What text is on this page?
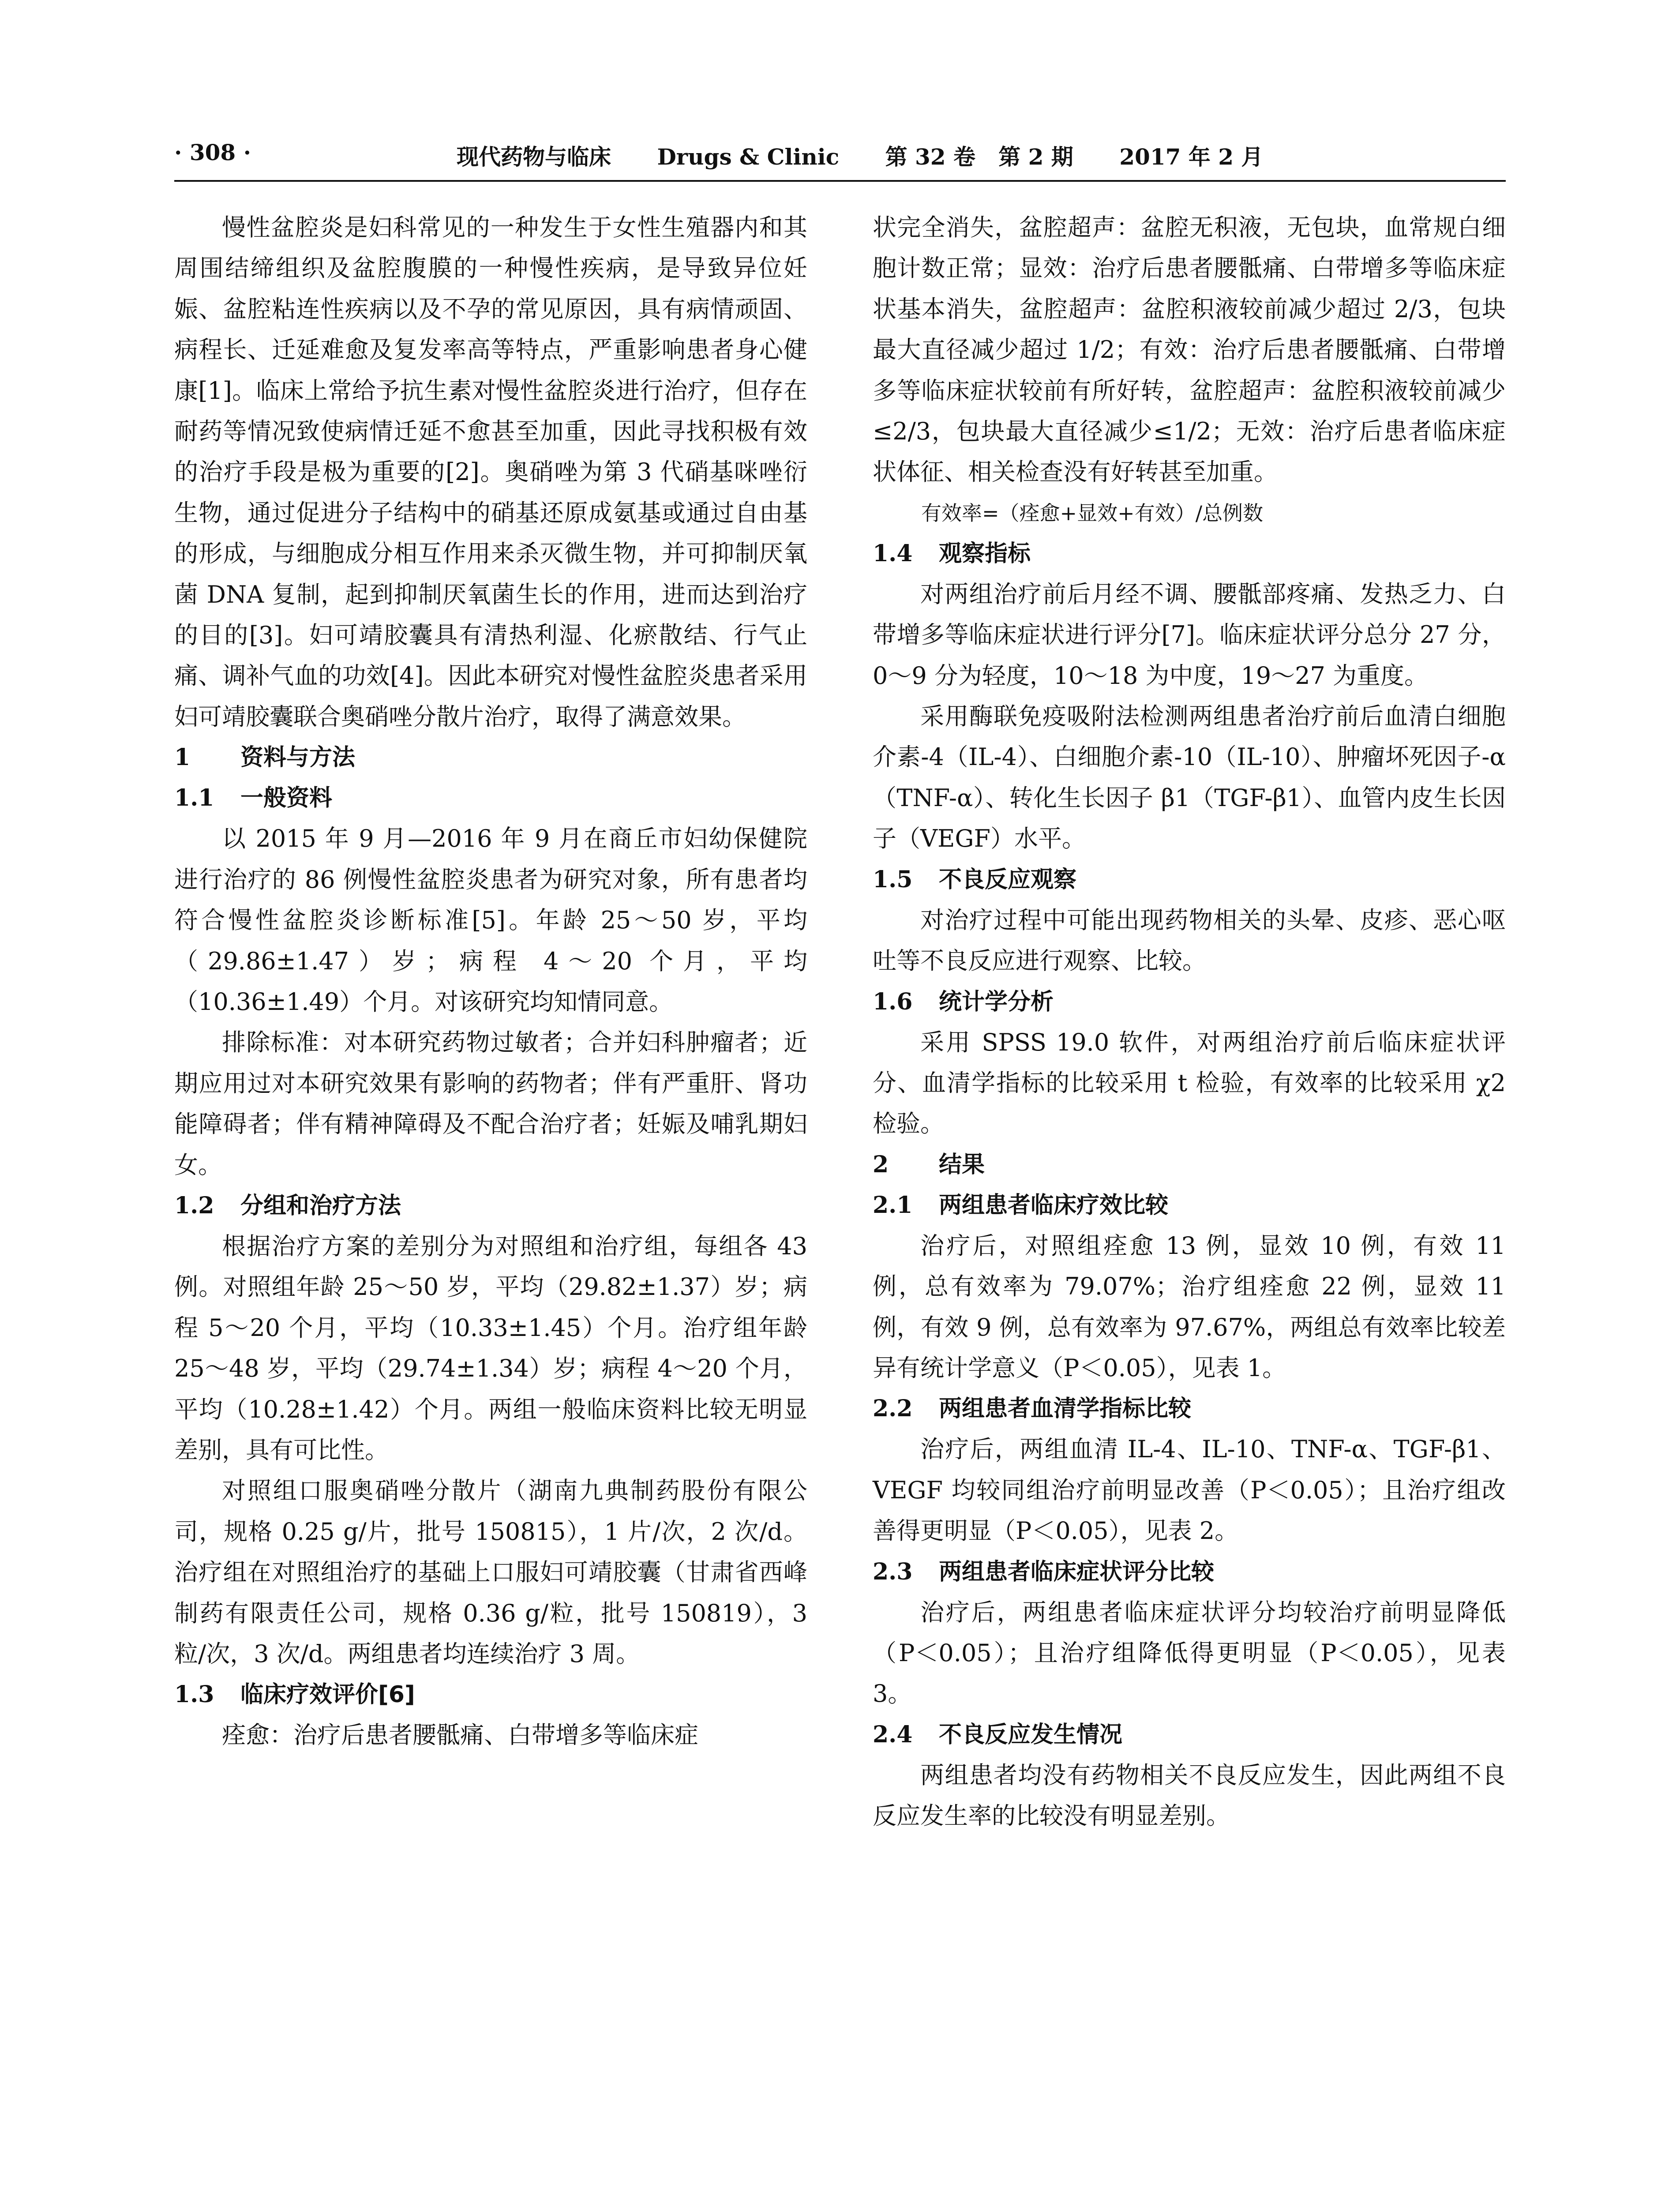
· 308 ·	现代药物与临床      Drugs & Clinic      第 32 卷   第 2 期      2017 年 2 月

慢性盆腔炎是妇科常见的一种发生于女性生殖器内和其周围结缔组织及盆腔腹膜的一种慢性疾病，是导致异位妊娠、盆腔粘连性疾病以及不孕的常见原因，具有病情顽固、病程长、迁延难愈及复发率高等特点，严重影响患者身心健康[1]。临床上常给予抗生素对慢性盆腔炎进行治疗，但存在耐药等情况致使病情迁延不愈甚至加重，因此寻找积极有效的治疗手段是极为重要的[2]。奥硝唑为第 3 代硝基咪唑衍生物，通过促进分子结构中的硝基还原成氨基或通过自由基的形成，与细胞成分相互作用来杀灭微生物，并可抑制厌氧菌 DNA 复制，起到抑制厌氧菌生长的作用，进而达到治疗的目的[3]。妇可靖胶囊具有清热利湿、化瘀散结、行气止痛、调补气血的功效[4]。因此本研究对慢性盆腔炎患者采用妇可靖胶囊联合奥硝唑分散片治疗，取得了满意效果。

1 资料与方法
1.1 一般资料

以 2015 年 9 月—2016 年 9 月在商丘市妇幼保健院进行治疗的 86 例慢性盆腔炎患者为研究对象，所有患者均符合慢性盆腔炎诊断标准[5]。年龄 25～50 岁，平均（29.86±1.47）岁；病程 4～20 个月，平均（10.36±1.49）个月。对该研究均知情同意。

排除标准：对本研究药物过敏者；合并妇科肿瘤者；近期应用过对本研究效果有影响的药物者；伴有严重肝、肾功能障碍者；伴有精神障碍及不配合治疗者；妊娠及哺乳期妇女。

1.2 分组和治疗方法

根据治疗方案的差别分为对照组和治疗组，每组各 43 例。对照组年龄 25～50 岁，平均（29.82±1.37）岁；病程 5～20 个月，平均（10.33±1.45）个月。治疗组年龄 25～48 岁，平均（29.74±1.34）岁；病程 4～20 个月，平均（10.28±1.42）个月。两组一般临床资料比较无明显差别，具有可比性。

对照组口服奥硝唑分散片（湖南九典制药股份有限公司，规格 0.25 g/片，批号 150815），1 片/次，2 次/d。治疗组在对照组治疗的基础上口服妇可靖胶囊（甘肃省西峰制药有限责任公司，规格 0.36 g/粒，批号 150819），3 粒/次，3 次/d。两组患者均连续治疗 3 周。

1.3 临床疗效评价[6]

痊愈：治疗后患者腰骶痛、白带增多等临床症

状完全消失，盆腔超声：盆腔无积液，无包块，血常规白细胞计数正常；显效：治疗后患者腰骶痛、白带增多等临床症状基本消失，盆腔超声：盆腔积液较前减少超过 2/3，包块最大直径减少超过 1/2；有效：治疗后患者腰骶痛、白带增多等临床症状较前有所好转，盆腔超声：盆腔积液较前减少≤2/3，包块最大直径减少≤1/2；无效：治疗后患者临床症状体征、相关检查没有好转甚至加重。

有效率=（痊愈+显效+有效）/总例数

1.4 观察指标

对两组治疗前后月经不调、腰骶部疼痛、发热乏力、白带增多等临床症状进行评分[7]。临床症状评分总分 27 分，0～9 分为轻度，10～18 为中度，19～27 为重度。

采用酶联免疫吸附法检测两组患者治疗前后血清白细胞介素-4（IL-4）、白细胞介素-10（IL-10）、肿瘤坏死因子-α（TNF-α）、转化生长因子 β1（TGF-β1）、血管内皮生长因子（VEGF）水平。

1.5 不良反应观察

对治疗过程中可能出现药物相关的头晕、皮疹、恶心呕吐等不良反应进行观察、比较。

1.6 统计学分析

采用 SPSS 19.0 软件，对两组治疗前后临床症状评分、血清学指标的比较采用 t 检验，有效率的比较采用 χ2 检验。

2 结果
2.1 两组患者临床疗效比较

治疗后，对照组痊愈 13 例，显效 10 例，有效 11 例，总有效率为 79.07%；治疗组痊愈 22 例，显效 11 例，有效 9 例，总有效率为 97.67%，两组总有效率比较差异有统计学意义（P＜0.05），见表 1。

2.2 两组患者血清学指标比较

治疗后，两组血清 IL-4、IL-10、TNF-α、TGF-β1、VEGF 均较同组治疗前明显改善（P＜0.05）；且治疗组改善得更明显（P＜0.05），见表 2。

2.3 两组患者临床症状评分比较

治疗后，两组患者临床症状评分均较治疗前明显降低（P＜0.05）；且治疗组降低得更明显（P＜0.05），见表 3。

2.4 不良反应发生情况

两组患者均没有药物相关不良反应发生，因此两组不良反应发生率的比较没有明显差别。
